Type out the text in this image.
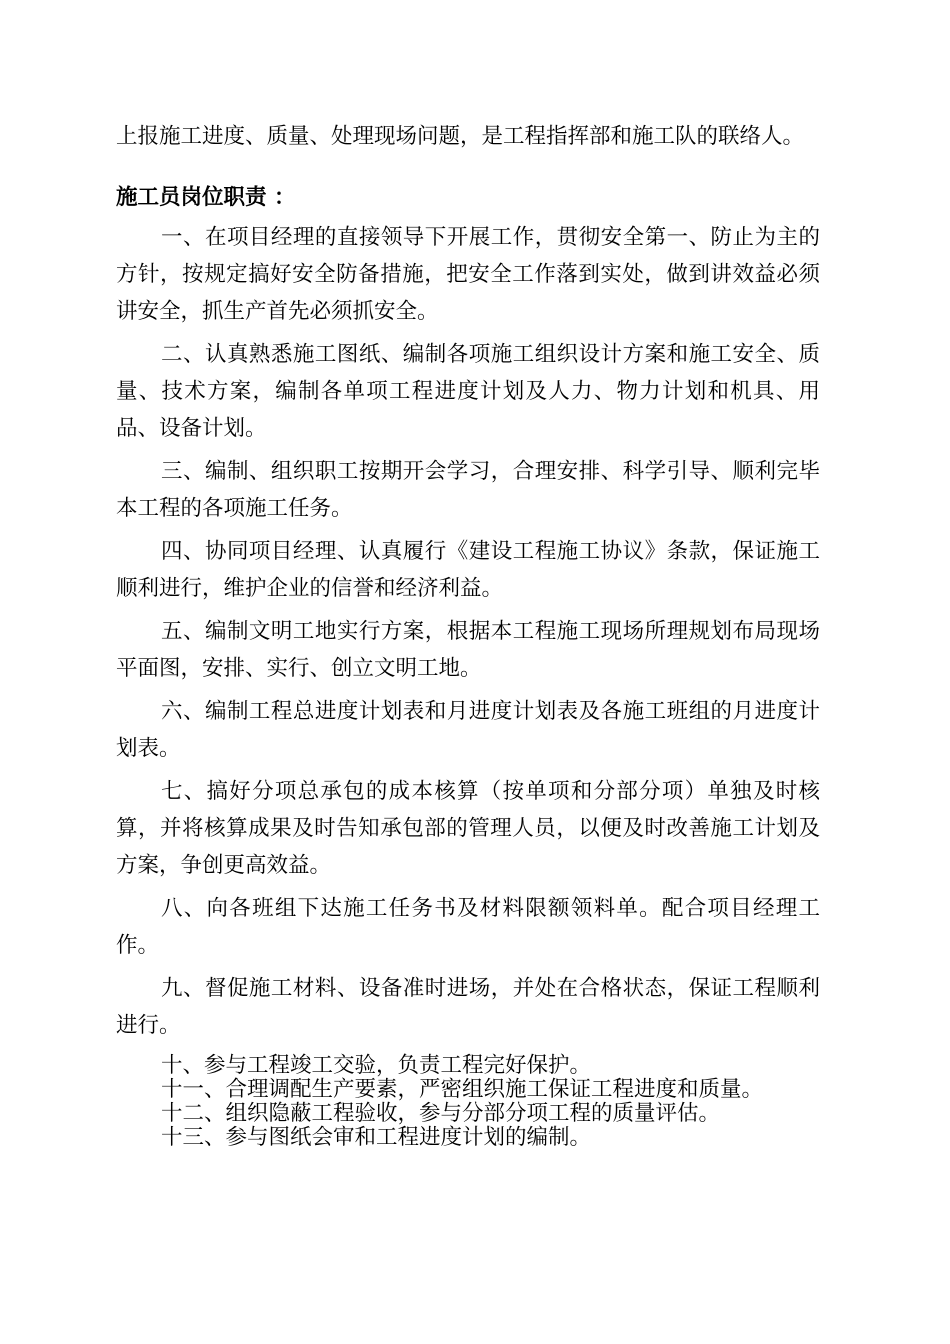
上报施工进度、质量、处理现场问题，是工程指挥部和施工队的联络人。

施工员岗位职责 ：

一、在项目经理的直接领导下开展工作，贯彻安全第一、防止为主的方针，按规定搞好安全防备措施，把安全工作落到实处，做到讲效益必须讲安全，抓生产首先必须抓安全。

二、认真熟悉施工图纸、编制各项施工组织设计方案和施工安全、质量、技术方案，编制各单项工程进度计划及人力、物力计划和机具、用品、设备计划。

三、编制、组织职工按期开会学习，合理安排、科学引导、顺利完毕本工程的各项施工任务。

四、协同项目经理、认真履行《建设工程施工协议》条款，保证施工顺利进行，维护企业的信誉和经济利益。

五、编制文明工地实行方案，根据本工程施工现场所理规划布局现场平面图，安排、实行、创立文明工地。

六、编制工程总进度计划表和月进度计划表及各施工班组的月进度计划表。

七、搞好分项总承包的成本核算（按单项和分部分项）单独及时核算，并将核算成果及时告知承包部的管理人员，以便及时改善施工计划及方案，争创更高效益。

八、向各班组下达施工任务书及材料限额领料单。配合项目经理工作。

九、督促施工材料、设备准时进场，并处在合格状态，保证工程顺利进行。

十、参与工程竣工交验，负责工程完好保护。

十一、合理调配生产要素，严密组织施工保证工程进度和质量。

十二、组织隐蔽工程验收，参与分部分项工程的质量评估。

十三、参与图纸会审和工程进度计划的编制。
